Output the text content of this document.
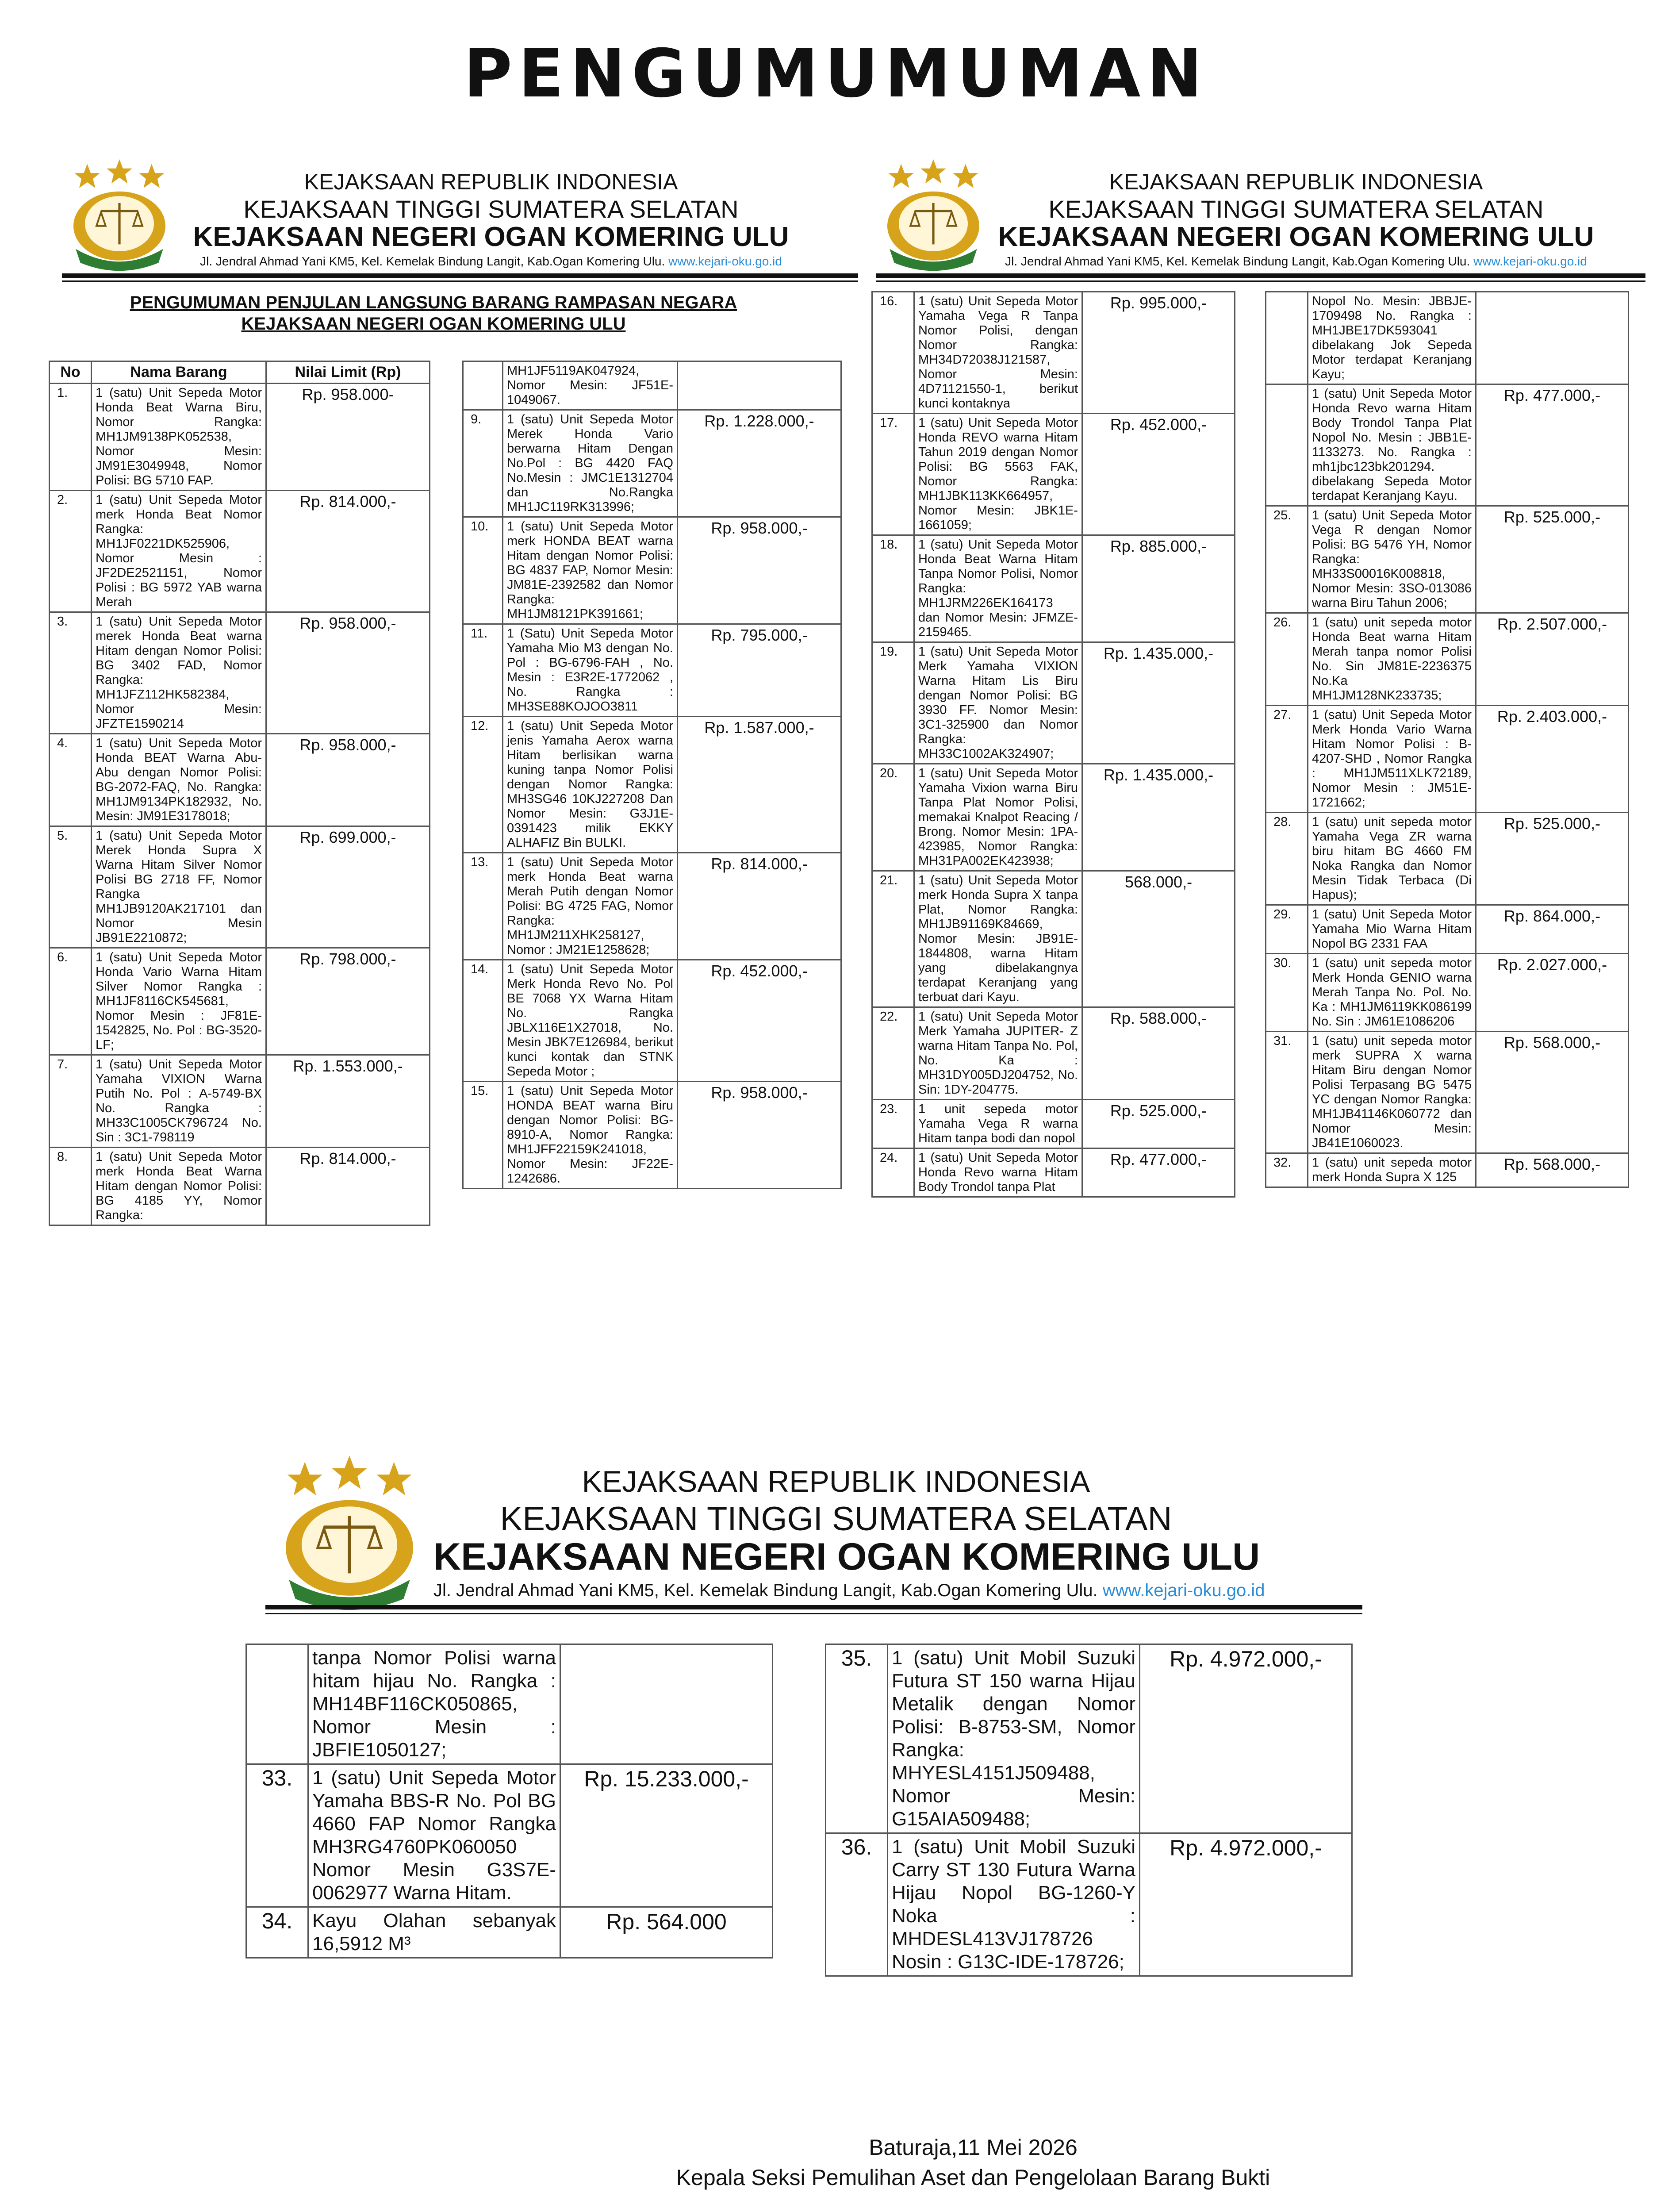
PENGUMUMUMAN
KEJAKSAAN REPUBLIK INDONESIA
KEJAKSAAN TINGGI SUMATERA SELATAN
KEJAKSAAN NEGERI OGAN KOMERING ULU
Jl. Jendral Ahmad Yani KM5, Kel. Kemelak Bindung Langit, Kab.Ogan Komering Ulu. www.kejari-oku.go.id
KEJAKSAAN REPUBLIK INDONESIA
KEJAKSAAN TINGGI SUMATERA SELATAN
KEJAKSAAN NEGERI OGAN KOMERING ULU
Jl. Jendral Ahmad Yani KM5, Kel. Kemelak Bindung Langit, Kab.Ogan Komering Ulu. www.kejari-oku.go.id
PENGUMUMAN PENJULAN LANGSUNG BARANG RAMPASAN NEGARA
KEJAKSAAN NEGERI OGAN KOMERING ULU
No	Nama Barang	Nilai Limit (Rp)
1.	1 (satu) Unit Sepeda Motor Honda Beat Warna Biru, Nomor Rangka: MH1JM9138PK052538, Nomor Mesin: JM91E3049948, Nomor Polisi: BG 5710 FAP.	Rp. 958.000-
2.	1 (satu) Unit Sepeda Motor merk Honda Beat Nomor Rangka: MH1JF0221DK525906, Nomor Mesin : JF2DE2521151, Nomor Polisi : BG 5972 YAB warna Merah	Rp. 814.000,-
3.	1 (satu) Unit Sepeda Motor merek Honda Beat warna Hitam dengan Nomor Polisi: BG 3402 FAD, Nomor Rangka: MH1JFZ112HK582384, Nomor Mesin: JFZTE1590214	Rp. 958.000,-
4.	1 (satu) Unit Sepeda Motor Honda BEAT Warna Abu-Abu dengan Nomor Polisi: BG-2072-FAQ, No. Rangka: MH1JM9134PK182932, No. Mesin: JM91E3178018;	Rp. 958.000,-
5.	1 (satu) Unit Sepeda Motor Merek Honda Supra X Warna Hitam Silver Nomor Polisi BG 2718 FF, Nomor Rangka MH1JB9120AK217101 dan Nomor Mesin JB91E2210872;	Rp. 699.000,-
6.	1 (satu) Unit Sepeda Motor Honda Vario Warna Hitam Silver Nomor Rangka : MH1JF8116CK545681, Nomor Mesin : JF81E-1542825, No. Pol : BG-3520-LF;	Rp. 798.000,-
7.	1 (satu) Unit Sepeda Motor Yamaha VIXION Warna Putih No. Pol : A-5749-BX No. Rangka : MH33C1005CK796724 No. Sin : 3C1-798119	Rp. 1.553.000,-
8.	1 (satu) Unit Sepeda Motor merk Honda Beat Warna Hitam dengan Nomor Polisi: BG 4185 YY, Nomor Rangka:	Rp. 814.000,-
	MH1JF5119AK047924, Nomor Mesin: JF51E-1049067.	
9.	1 (satu) Unit Sepeda Motor Merek Honda Vario berwarna Hitam Dengan No.Pol : BG 4420 FAQ No.Mesin : JMC1E1312704 dan No.Rangka MH1JC119RK313996;	Rp. 1.228.000,-
10.	1 (satu) Unit Sepeda Motor merk HONDA BEAT warna Hitam dengan Nomor Polisi: BG 4837 FAP, Nomor Mesin: JM81E-2392582 dan Nomor Rangka: MH1JM8121PK391661;	Rp. 958.000,-
11.	1 (Satu) Unit Sepeda Motor Yamaha Mio M3 dengan No. Pol : BG-6796-FAH , No. Mesin : E3R2E-1772062 , No. Rangka : MH3SE88KOJOO3811	Rp. 795.000,-
12.	1 (satu) Unit Sepeda Motor jenis Yamaha Aerox warna Hitam berlisikan warna kuning tanpa Nomor Polisi dengan Nomor Rangka: MH3SG46 10KJ227208 Dan Nomor Mesin: G3J1E-0391423 milik EKKY ALHAFIZ Bin BULKI.	Rp. 1.587.000,-
13.	1 (satu) Unit Sepeda Motor merk Honda Beat warna Merah Putih dengan Nomor Polisi: BG 4725 FAG, Nomor Rangka: MH1JM211XHK258127, Nomor : JM21E1258628;	Rp. 814.000,-
14.	1 (satu) Unit Sepeda Motor Merk Honda Revo No. Pol BE 7068 YX Warna Hitam No. Rangka JBLX116E1X27018, No. Mesin JBK7E126984, berikut kunci kontak dan STNK Sepeda Motor ;	Rp. 452.000,-
15.	1 (satu) Unit Sepeda Motor HONDA BEAT warna Biru dengan Nomor Polisi: BG-8910-A, Nomor Rangka: MH1JFF22159K241018, Nomor Mesin: JF22E-1242686.	Rp. 958.000,-
16.	1 (satu) Unit Sepeda Motor Yamaha Vega R Tanpa Nomor Polisi, dengan Nomor Rangka: MH34D72038J121587, Nomor Mesin: 4D71121550-1, berikut kunci kontaknya	Rp. 995.000,-
17.	1 (satu) Unit Sepeda Motor Honda REVO warna Hitam Tahun 2019 dengan Nomor Polisi: BG 5563 FAK, Nomor Rangka: MH1JBK113KK664957, Nomor Mesin: JBK1E-1661059;	Rp. 452.000,-
18.	1 (satu) Unit Sepeda Motor Honda Beat Warna Hitam Tanpa Nomor Polisi, Nomor Rangka: MH1JRM226EK164173 dan Nomor Mesin: JFMZE- 2159465.	Rp. 885.000,-
19.	1 (satu) Unit Sepeda Motor Merk Yamaha VIXION Warna Hitam Lis Biru dengan Nomor Polisi: BG 3930 FF. Nomor Mesin: 3C1-325900 dan Nomor Rangka: MH33C1002AK324907;	Rp. 1.435.000,-
20.	1 (satu) Unit Sepeda Motor Yamaha Vixion warna Biru Tanpa Plat Nomor Polisi, memakai Knalpot Reacing / Brong. Nomor Mesin: 1PA-423985, Nomor Rangka: MH31PA002EK423938;	Rp. 1.435.000,-
21.	1 (satu) Unit Sepeda Motor merk Honda Supra X tanpa Plat, Nomor Rangka: MH1JB91169K84669, Nomor Mesin: JB91E-1844808, warna Hitam yang dibelakangnya terdapat Keranjang yang terbuat dari Kayu.	568.000,-
22.	1 (satu) Unit Sepeda Motor Merk Yamaha JUPITER- Z warna Hitam Tanpa No. Pol, No. Ka : MH31DY005DJ204752, No. Sin: 1DY-204775.	Rp. 588.000,-
23.	1 unit sepeda motor Yamaha Vega R warna Hitam tanpa bodi dan nopol	Rp. 525.000,-
24.	1 (satu) Unit Sepeda Motor Honda Revo warna Hitam Body Trondol tanpa Plat	Rp. 477.000,-
	Nopol No. Mesin: JBBJE-1709498 No. Rangka : MH1JBE17DK593041 dibelakang Jok Sepeda Motor terdapat Keranjang Kayu;	
	1 (satu) Unit Sepeda Motor Honda Revo warna Hitam Body Trondol Tanpa Plat Nopol No. Mesin : JBB1E-1133273. No. Rangka : mh1jbc123bk201294. dibelakang Sepeda Motor terdapat Keranjang Kayu.	Rp. 477.000,-
25.	1 (satu) Unit Sepeda Motor Vega R dengan Nomor Polisi: BG 5476 YH, Nomor Rangka: MH33S00016K008818, Nomor Mesin: 3SO-013086 warna Biru Tahun 2006;	Rp. 525.000,-
26.	1 (satu) unit sepeda motor Honda Beat warna Hitam Merah tanpa nomor Polisi No. Sin JM81E-2236375 No.Ka MH1JM128NK233735;	Rp. 2.507.000,-
27.	1 (satu) Unit Sepeda Motor Merk Honda Vario Warna Hitam Nomor Polisi : B-4207-SHD , Nomor Rangka : MH1JM511XLK72189, Nomor Mesin : JM51E-1721662;	Rp. 2.403.000,-
28.	1 (satu) unit sepeda motor Yamaha Vega ZR warna biru hitam BG 4660 FM Noka Rangka dan Nomor Mesin Tidak Terbaca (Di Hapus);	Rp. 525.000,-
29.	1 (satu) Unit Sepeda Motor Yamaha Mio Warna Hitam Nopol BG 2331 FAA	Rp. 864.000,-
30.	1 (satu) unit sepeda motor Merk Honda GENIO warna Merah Tanpa No. Pol. No. Ka : MH1JM6119KK086199 No. Sin : JM61E1086206	Rp. 2.027.000,-
31.	1 (satu) unit sepeda motor merk SUPRA X warna Hitam Biru dengan Nomor Polisi Terpasang BG 5475 YC dengan Nomor Rangka: MH1JB41146K060772 dan Nomor Mesin: JB41E1060023.	Rp. 568.000,-
32.	1 (satu) unit sepeda motor merk Honda Supra X 125	Rp. 568.000,-
KEJAKSAAN REPUBLIK INDONESIA
KEJAKSAAN TINGGI SUMATERA SELATAN
KEJAKSAAN NEGERI OGAN KOMERING ULU
Jl. Jendral Ahmad Yani KM5, Kel. Kemelak Bindung Langit, Kab.Ogan Komering Ulu. www.kejari-oku.go.id
	tanpa Nomor Polisi warna hitam hijau No. Rangka : MH14BF116CK050865, Nomor Mesin : JBFIE1050127;	
33.	1 (satu) Unit Sepeda Motor Yamaha BBS-R No. Pol BG 4660 FAP Nomor Rangka MH3RG4760PK060050 Nomor Mesin G3S7E-0062977 Warna Hitam.	Rp. 15.233.000,-
34.	Kayu Olahan sebanyak 16,5912 M³	Rp. 564.000
35.	1 (satu) Unit Mobil Suzuki Futura ST 150 warna Hijau Metalik dengan Nomor Polisi: B-8753-SM, Nomor Rangka: MHYESL4151J509488, Nomor Mesin: G15AIA509488;	Rp. 4.972.000,-
36.	1 (satu) Unit Mobil Suzuki Carry ST 130 Futura Warna Hijau Nopol BG-1260-Y Noka : MHDESL413VJ178726 Nosin : G13C-IDE-178726;	Rp. 4.972.000,-
Baturaja,11 Mei 2026
Kepala Seksi Pemulihan Aset dan Pengelolaan Barang Bukti
